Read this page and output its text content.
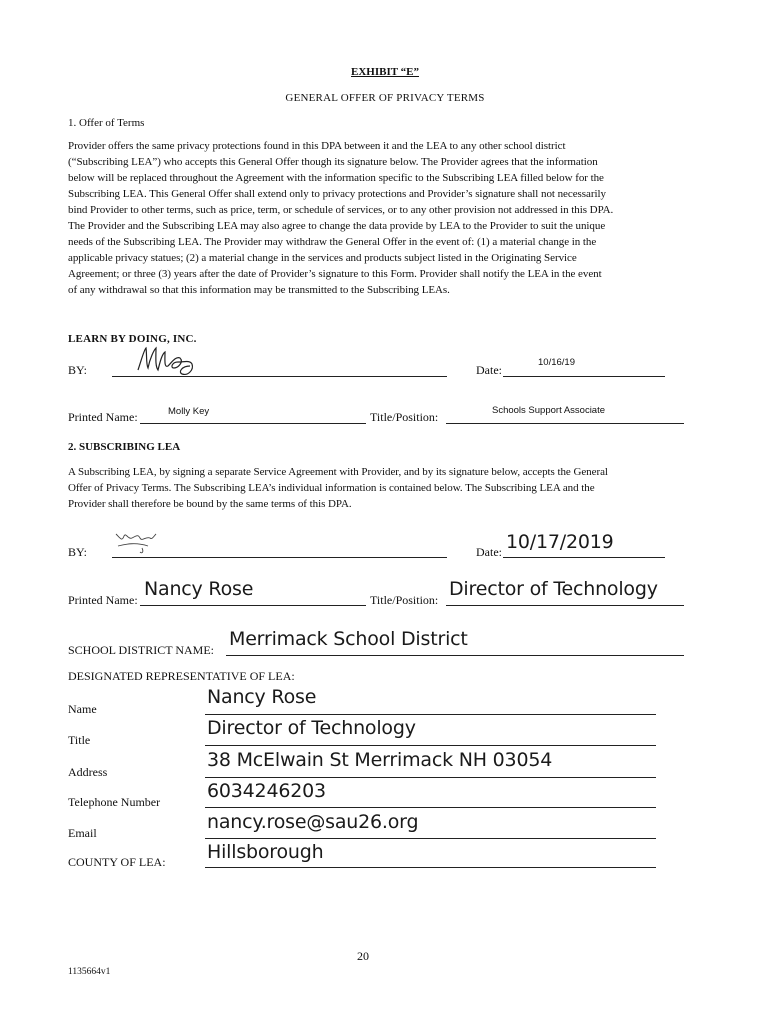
EXHIBIT “E”
GENERAL OFFER OF PRIVACY TERMS
1. Offer of Terms
Provider offers the same privacy protections found in this DPA between it and the LEA to any other school district
(“Subscribing LEA”) who accepts this General Offer though its signature below. The Provider agrees that the information
below will be replaced throughout the Agreement with the information specific to the Subscribing LEA filled below for the
Subscribing LEA. This General Offer shall extend only to privacy protections and Provider’s signature shall not necessarily
bind Provider to other terms, such as price, term, or schedule of services, or to any other provision not addressed in this DPA.
The Provider and the Subscribing LEA may also agree to change the data provide by LEA to the Provider to suit the unique
needs of the Subscribing LEA. The Provider may withdraw the General Offer in the event of: (1) a material change in the
applicable privacy statues; (2) a material change in the services and products subject listed in the Originating Service
Agreement; or three (3) years after the date of Provider’s signature to this Form. Provider shall notify the LEA in the event
of any withdrawal so that this information may be transmitted to the Subscribing LEAs.
LEARN BY DOING, INC.
BY:	Date:
10/16/19
Printed Name:	Molly Key	Title/Position:	Schools Support Associate
2. SUBSCRIBING LEA
A Subscribing LEA, by signing a separate Service Agreement with Provider, and by its signature below, accepts the General
Offer of Privacy Terms. The Subscribing LEA’s individual information is contained below. The Subscribing LEA and the
Provider shall therefore be bound by the same terms of this DPA.
BY:	Date: 10/17/2019
Printed Name: Nancy Rose	Title/Position: Director of Technology
SCHOOL DISTRICT NAME: Merrimack School District
DESIGNATED REPRESENTATIVE OF LEA:
Name
Nancy Rose
Title
Director of Technology
Address
38 McElwain St Merrimack NH 03054
Telephone Number 6034246203
Email	nancy.rose@sau26.org
COUNTY OF LEA: Hillsborough
20
1135664v1
